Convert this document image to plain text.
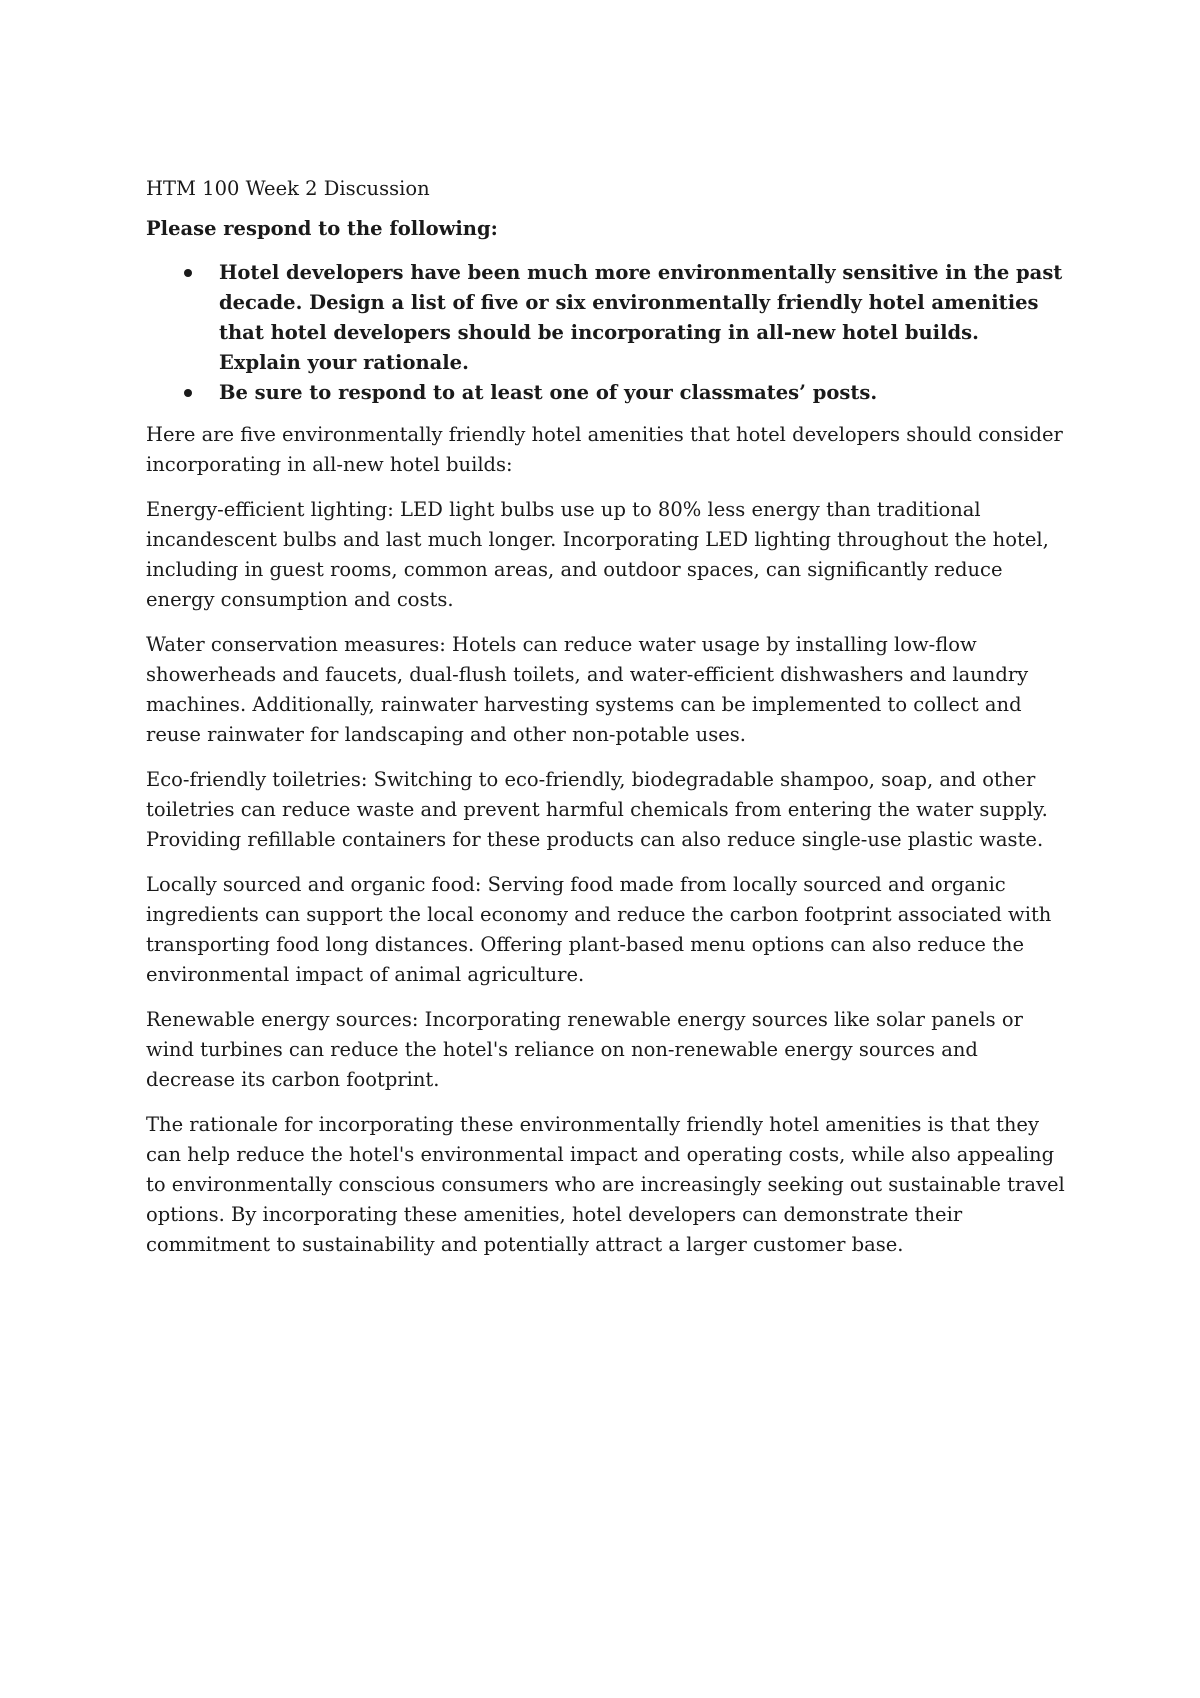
HTM 100 Week 2 Discussion

Please respond to the following:

Hotel developers have been much more environmentally sensitive in the past decade. Design a list of five or six environmentally friendly hotel amenities that hotel developers should be incorporating in all-new hotel builds. Explain your rationale.
Be sure to respond to at least one of your classmates’ posts.

Here are five environmentally friendly hotel amenities that hotel developers should consider incorporating in all-new hotel builds:

Energy-efficient lighting: LED light bulbs use up to 80% less energy than traditional incandescent bulbs and last much longer. Incorporating LED lighting throughout the hotel, including in guest rooms, common areas, and outdoor spaces, can significantly reduce energy consumption and costs.

Water conservation measures: Hotels can reduce water usage by installing low-flow showerheads and faucets, dual-flush toilets, and water-efficient dishwashers and laundry machines. Additionally, rainwater harvesting systems can be implemented to collect and reuse rainwater for landscaping and other non-potable uses.

Eco-friendly toiletries: Switching to eco-friendly, biodegradable shampoo, soap, and other toiletries can reduce waste and prevent harmful chemicals from entering the water supply. Providing refillable containers for these products can also reduce single-use plastic waste.

Locally sourced and organic food: Serving food made from locally sourced and organic ingredients can support the local economy and reduce the carbon footprint associated with transporting food long distances. Offering plant-based menu options can also reduce the environmental impact of animal agriculture.

Renewable energy sources: Incorporating renewable energy sources like solar panels or wind turbines can reduce the hotel's reliance on non-renewable energy sources and decrease its carbon footprint.

The rationale for incorporating these environmentally friendly hotel amenities is that they can help reduce the hotel's environmental impact and operating costs, while also appealing to environmentally conscious consumers who are increasingly seeking out sustainable travel options. By incorporating these amenities, hotel developers can demonstrate their commitment to sustainability and potentially attract a larger customer base.
